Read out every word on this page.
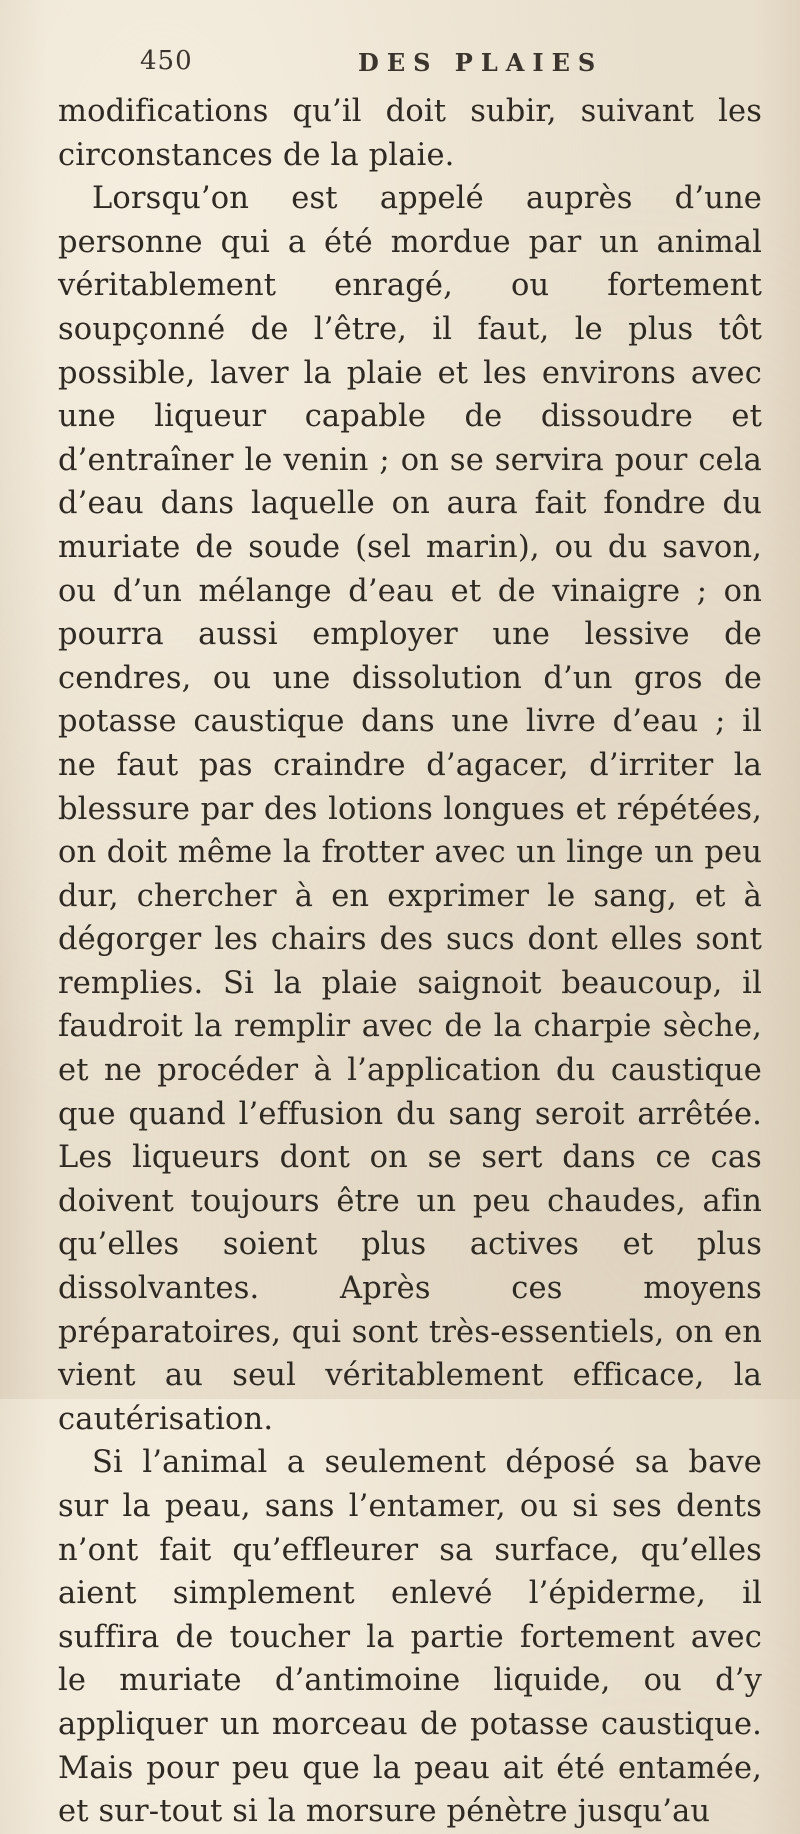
450	DES PLAIES

modifications qu’il doit subir, suivant les circonstances de la plaie.

Lorsqu’on est appelé auprès d’une personne qui a été mordue par un animal véritablement enragé, ou fortement soupçonné de l’être, il faut, le plus tôt possible, laver la plaie et les environs avec une liqueur capable de dissoudre et d’entraîner le venin ; on se servira pour cela d’eau dans laquelle on aura fait fondre du muriate de soude (sel marin), ou du savon, ou d’un mélange d’eau et de vinaigre ; on pourra aussi employer une lessive de cendres, ou une dissolution d’un gros de potasse caustique dans une livre d’eau ; il ne faut pas craindre d’agacer, d’irriter la blessure par des lotions longues et répétées, on doit même la frotter avec un linge un peu dur, chercher à en exprimer le sang, et à dégorger les chairs des sucs dont elles sont remplies. Si la plaie saignoit beaucoup, il faudroit la remplir avec de la charpie sèche, et ne procéder à l’application du caustique que quand l’effusion du sang seroit arrêtée. Les liqueurs dont on se sert dans ce cas doivent toujours être un peu chaudes, afin qu’elles soient plus actives et plus dissolvantes. Après ces moyens préparatoires, qui sont très-essentiels, on en vient au seul véritablement efficace, la cautérisation.

Si l’animal a seulement déposé sa bave sur la peau, sans l’entamer, ou si ses dents n’ont fait qu’effleurer sa surface, qu’elles aient simplement enlevé l’épiderme, il suffira de toucher la partie fortement avec le muriate d’antimoine liquide, ou d’y appliquer un morceau de potasse caustique. Mais pour peu que la peau ait été entamée, et sur-tout si la morsure pénètre jusqu’au
